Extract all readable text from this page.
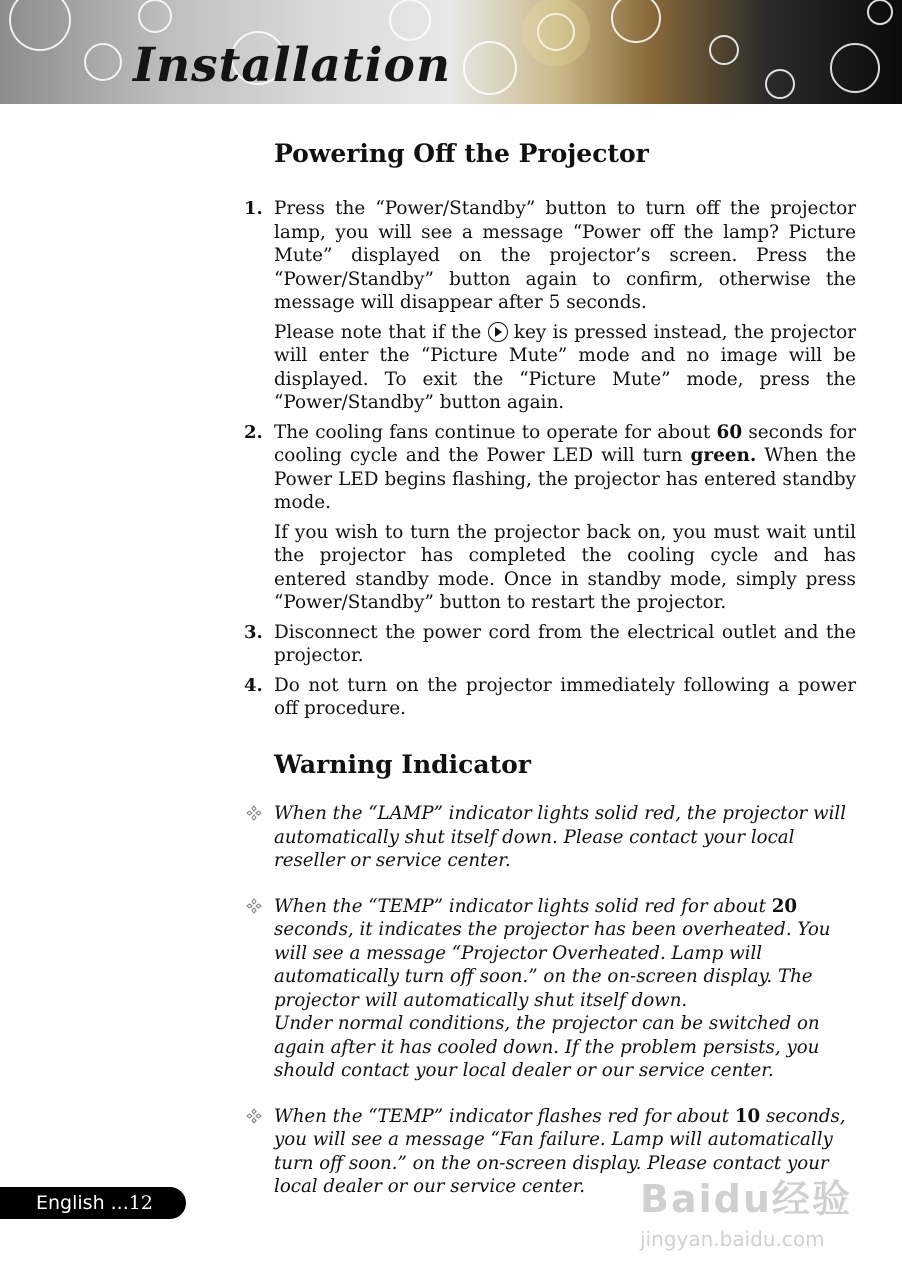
Installation
Powering Off the Projector
1. Press the “Power/Standby” button to turn off the projector lamp, you will see a message “Power off the lamp? Picture Mute” displayed on the projector’s screen. Press the “Power/Standby” button again to confirm, otherwise the message will disappear after 5 seconds.

Please note that if the key is pressed instead, the projector will enter the “Picture Mute” mode and no image will be displayed. To exit the “Picture Mute” mode, press the “Power/Standby” button again.

2. The cooling fans continue to operate for about 60 seconds for cooling cycle and the Power LED will turn green. When the Power LED begins flashing, the projector has entered standby mode.

If you wish to turn the projector back on, you must wait until the projector has completed the cooling cycle and has entered standby mode. Once in standby mode, simply press “Power/Standby” button to restart the projector.

3. Disconnect the power cord from the electrical outlet and the projector.

4. Do not turn on the projector immediately following a power off procedure.

Warning Indicator

When the “LAMP” indicator lights solid red, the projector will automatically shut itself down. Please contact your local reseller or service center.

When the “TEMP” indicator lights solid red for about 20 seconds, it indicates the projector has been overheated. You will see a message “Projector Overheated. Lamp will automatically turn off soon.” on the on-screen display. The projector will automatically shut itself down.

Under normal conditions, the projector can be switched on again after it has cooled down. If the problem persists, you should contact your local dealer or our service center.

When the “TEMP” indicator flashes red for about 10 seconds, you will see a message “Fan failure. Lamp will automatically turn off soon.” on the on-screen display. Please contact your local dealer or our service center.

English ...12	Baidu经验
jingyan.baidu.com
